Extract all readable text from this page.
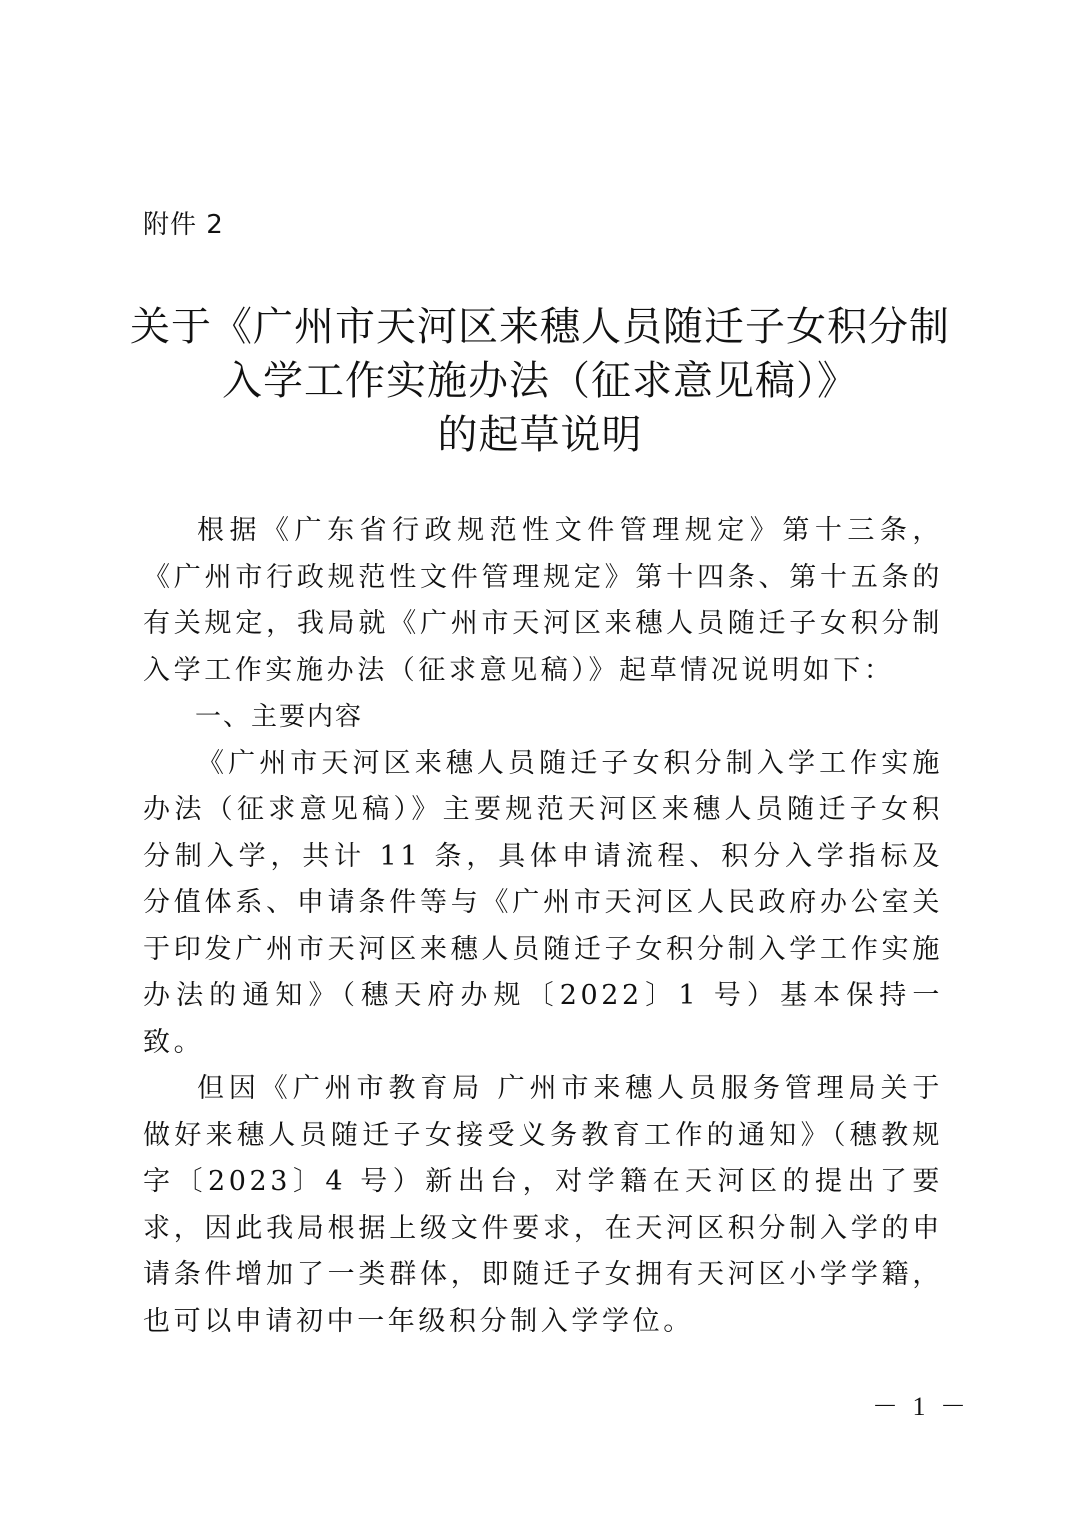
附件 2
关于《广州市天河区来穗人员随迁子女积分制
入学工作实施办法（征求意见稿）》
的起草说明

根据《广东省行政规范性文件管理规定》第十三条，《广州市行政规范性文件管理规定》第十四条、第十五条的有关规定，我局就《广州市天河区来穗人员随迁子女积分制入学工作实施办法（征求意见稿）》起草情况说明如下：

一、主要内容

《广州市天河区来穗人员随迁子女积分制入学工作实施办法（征求意见稿）》主要规范天河区来穗人员随迁子女积分制入学，共计 11 条，具体申请流程、积分入学指标及分值体系、申请条件等与《广州市天河区人民政府办公室关于印发广州市天河区来穗人员随迁子女积分制入学工作实施办法的通知》（穗天府办规〔2022〕1 号）基本保持一致。

但因《广州市教育局 广州市来穗人员服务管理局关于做好来穗人员随迁子女接受义务教育工作的通知》（穗教规字〔2023〕4 号）新出台，对学籍在天河区的提出了要求，因此我局根据上级文件要求，在天河区积分制入学的申请条件增加了一类群体，即随迁子女拥有天河区小学学籍，也可以申请初中一年级积分制入学学位。

－ 1 －
